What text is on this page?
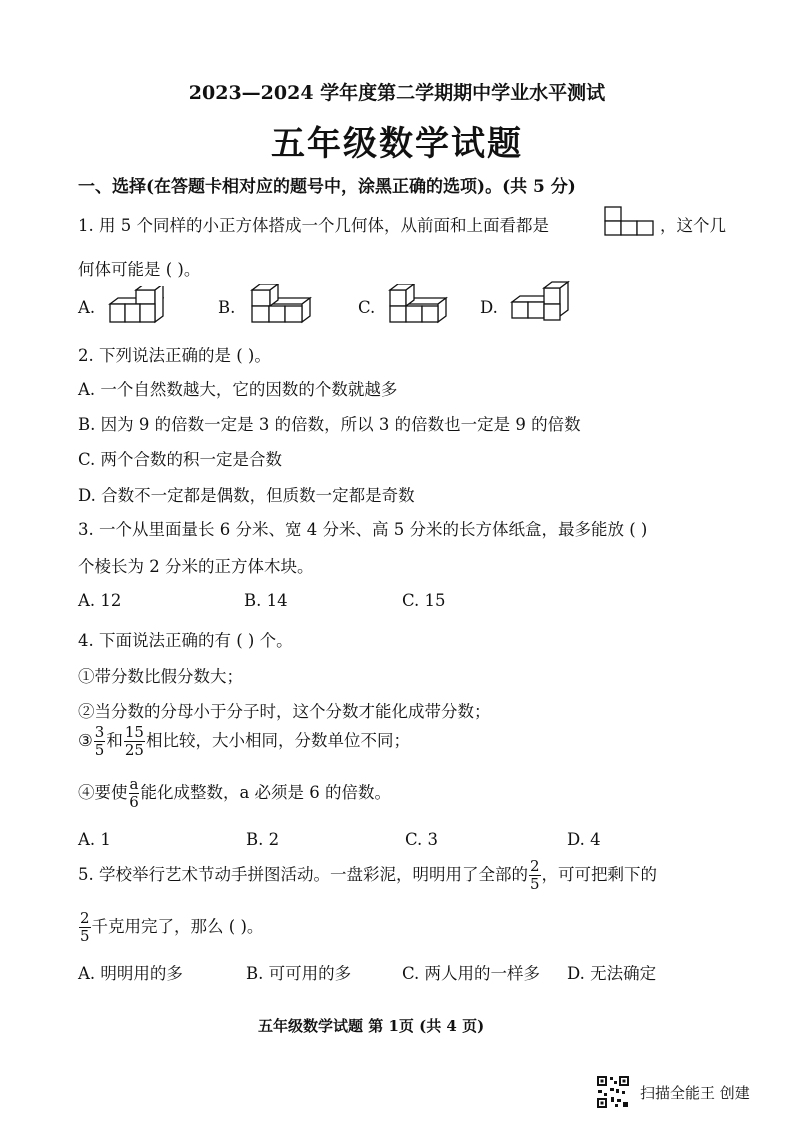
2023—2024 学年度第二学期期中学业水平测试
五年级数学试题
一、选择(在答题卡相对应的题号中，涂黑正确的选项)。(共 5 分)
1. 用 5 个同样的小正方体搭成一个几何体，从前面和上面看都是	，这个几
何体可能是 ( )。
A.	B.	C.	D.
2. 下列说法正确的是 ( )。
A. 一个自然数越大，它的因数的个数就越多
B. 因为 9 的倍数一定是 3 的倍数，所以 3 的倍数也一定是 9 的倍数
C. 两个合数的积一定是合数
D. 合数不一定都是偶数，但质数一定都是奇数
3. 一个从里面量长 6 分米、宽 4 分米、高 5 分米的长方体纸盒，最多能放 ( )
个棱长为 2 分米的正方体木块。
A. 12	B. 14	C. 15
4. 下面说法正确的有 ( ) 个。
①带分数比假分数大；
②当分数的分母小于分子时，这个分数才能化成带分数；
③ $\frac{3}{5}$ 和 $\frac{15}{25}$ 相比较，大小相同，分数单位不同；
④要使 $\frac{a}{6}$ 能化成整数，a 必须是 6 的倍数。
A. 1	B. 2	C. 3	D. 4
5. 学校举行艺术节动手拼图活动。一盘彩泥，明明用了全部的 $\frac{2}{5}$ ，可可把剩下的
$\frac{2}{5}$ 千克用完了，那么 ( )。
A. 明明用的多	B. 可可用的多	C. 两人用的一样多 D. 无法确定
五年级数学试题 第 1页 (共 4 页)
扫描全能王 创建
